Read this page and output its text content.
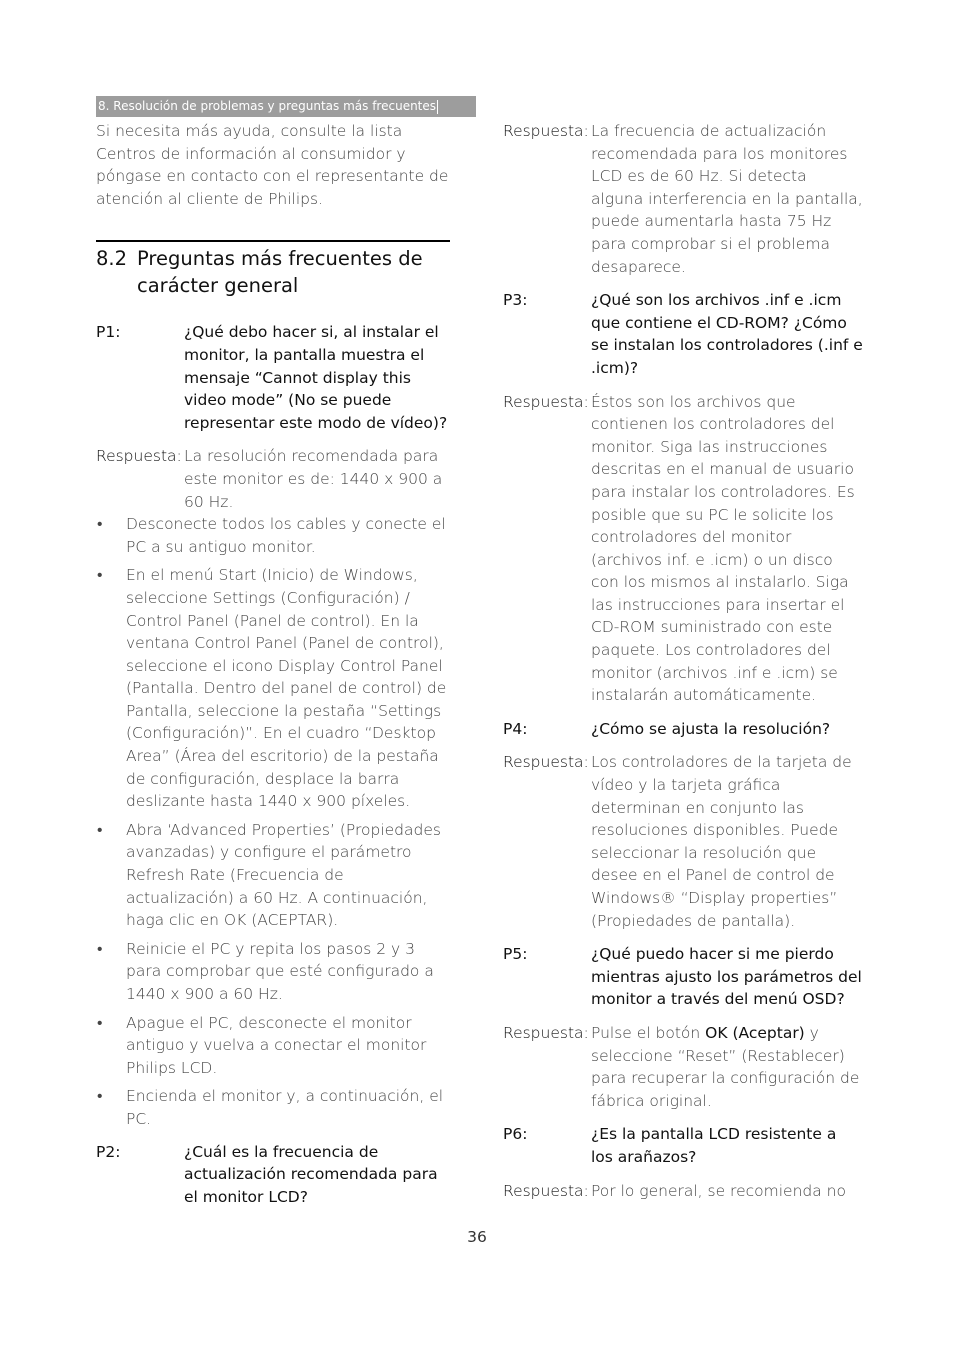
8. Resolución de problemas y preguntas más frecuentes

Si necesita más ayuda, consulte la lista Centros de información al consumidor y póngase en contacto con el representante de atención al cliente de Philips.

8.2 Preguntas más frecuentes de carácter general
P1:	¿Qué debo hacer si, al instalar el monitor, la pantalla muestra el mensaje “Cannot display this video mode” (No se puede representar este modo de vídeo)?
Respuesta: La resolución recomendada para este monitor es de: 1440 x 900 a 60 Hz.
•	Desconecte todos los cables y conecte el PC a su antiguo monitor.
•	En el menú Start (Inicio) de Windows, seleccione Settings (Configuración) / Control Panel (Panel de control). En la ventana Control Panel (Panel de control), seleccione el icono Display Control Panel (Pantalla. Dentro del panel de control) de Pantalla, seleccione la pestaña “Settings (Configuración)”. En el cuadro “Desktop Area” (Área del escritorio) de la pestaña de configuración, desplace la barra deslizante hasta 1440 x 900 píxeles.
•	Abra ‘Advanced Properties’ (Propiedades avanzadas) y configure el parámetro Refresh Rate (Frecuencia de actualización) a 60 Hz. A continuación, haga clic en OK (ACEPTAR).
•	Reinicie el PC y repita los pasos 2 y 3 para comprobar que esté configurado a 1440 x 900 a 60 Hz.
•	Apague el PC, desconecte el monitor antiguo y vuelva a conectar el monitor Philips LCD.
•	Encienda el monitor y, a continuación, el PC.
P2:	¿Cuál es la frecuencia de actualización recomendada para el monitor LCD?
Respuesta: La frecuencia de actualización recomendada para los monitores LCD es de 60 Hz. Si detecta alguna interferencia en la pantalla, puede aumentarla hasta 75 Hz para comprobar si el problema desaparece.
P3:	¿Qué son los archivos .inf e .icm que contiene el CD-ROM? ¿Cómo se instalan los controladores (.inf e .icm)?
Respuesta: Éstos son los archivos que contienen los controladores del monitor. Siga las instrucciones descritas en el manual de usuario para instalar los controladores. Es posible que su PC le solicite los controladores del monitor (archivos inf. e .icm) o un disco con los mismos al instalarlo. Siga las instrucciones para insertar el CD-ROM suministrado con este paquete. Los controladores del monitor (archivos .inf e .icm) se instalarán automáticamente.
P4:	¿Cómo se ajusta la resolución?
Respuesta: Los controladores de la tarjeta de vídeo y la tarjeta gráfica determinan en conjunto las resoluciones disponibles. Puede seleccionar la resolución que desee en el Panel de control de Windows® “Display properties” (Propiedades de pantalla).
P5:	¿Qué puedo hacer si me pierdo mientras ajusto los parámetros del monitor a través del menú OSD?
Respuesta: Pulse el botón OK (Aceptar) y seleccione “Reset” (Restablecer) para recuperar la configuración de fábrica original.
P6:	¿Es la pantalla LCD resistente a los arañazos?
Respuesta: Por lo general, se recomienda no
36
